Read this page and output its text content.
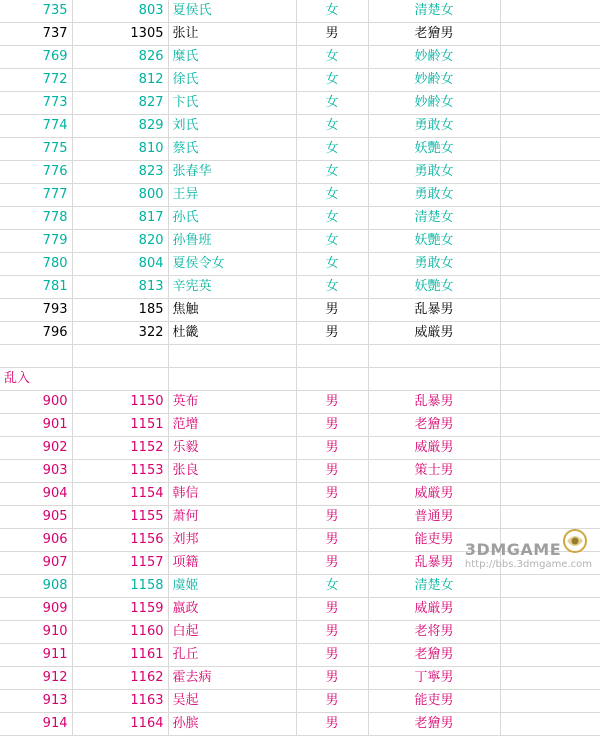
735	803	夏侯氏	女	清楚女	
737	1305	张让	男	老獪男	
769	826	糜氏	女	妙齢女	
772	812	徐氏	女	妙齢女	
773	827	卞氏	女	妙齢女	
774	829	刘氏	女	勇敢女	
775	810	蔡氏	女	妖艷女	
776	823	张春华	女	勇敢女	
777	800	王异	女	勇敢女	
778	817	孙氏	女	清楚女	
779	820	孙鲁班	女	妖艷女	
780	804	夏侯令女	女	勇敢女	
781	813	辛宪英	女	妖艷女	
793	185	焦触	男	乱暴男	
796	322	杜畿	男	威厳男	

乱入					
900	1150	英布	男	乱暴男	
901	1151	范增	男	老獪男	
902	1152	乐毅	男	威厳男	
903	1153	张良	男	策士男	
904	1154	韩信	男	威厳男	
905	1155	萧何	男	普通男	
906	1156	刘邦	男	能吏男	
907	1157	项籍	男	乱暴男	
908	1158	虞姬	女	清楚女	
909	1159	嬴政	男	威厳男	
910	1160	白起	男	老将男	
911	1161	孔丘	男	老獪男	
912	1162	霍去病	男	丁寧男	
913	1163	吴起	男	能吏男	
914	1164	孙膑	男	老獪男	
3DMGAME
http://bbs.3dmgame.com
